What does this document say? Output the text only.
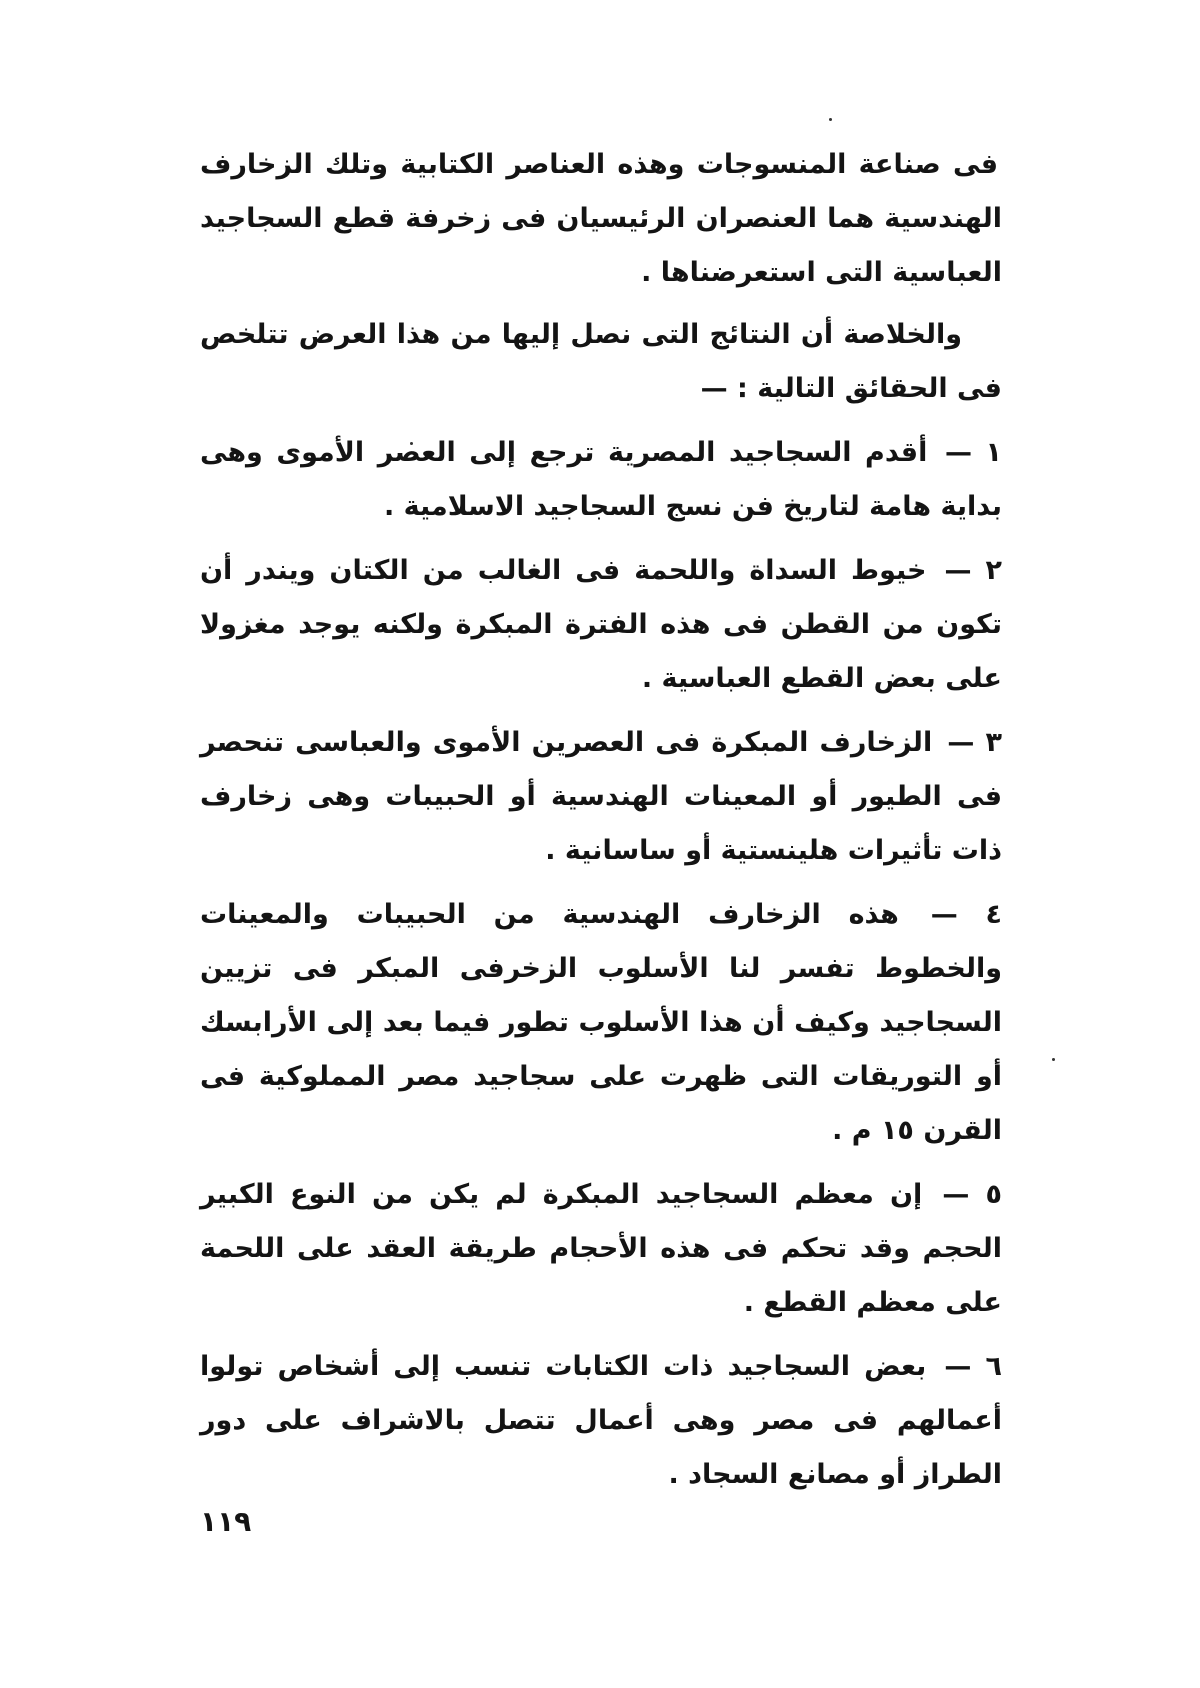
فى صناعة المنسوجات وهذه العناصر الكتابية وتلك الزخارف الهندسية هما العنصران الرئيسيان فى زخرفة قطع السجاجيد العباسية التى استعرضناها .

والخلاصة أن النتائج التى نصل إليها من هذا العرض تتلخص فى الحقائق التالية : —

١ — أقدم السجاجيد المصرية ترجع إلى العصر الأموى وهى بداية هامة لتاريخ فن نسج السجاجيد الاسلامية .

٢ — خيوط السداة واللحمة فى الغالب من الكتان ويندر أن تكون من القطن فى هذه الفترة المبكرة ولكنه يوجد مغزولا على بعض القطع العباسية .

٣ — الزخارف المبكرة فى العصرين الأموى والعباسى تنحصر فى الطيور أو المعينات الهندسية أو الحبيبات وهى زخارف ذات تأثيرات هلينستية أو ساسانية .

٤ — هذه الزخارف الهندسية من الحبيبات والمعينات والخطوط تفسر لنا الأسلوب الزخرفى المبكر فى تزيين السجاجيد وكيف أن هذا الأسلوب تطور فيما بعد إلى الأرابسك أو التوريقات التى ظهرت على سجاجيد مصر المملوكية فى القرن ١٥ م .

٥ — إن معظم السجاجيد المبكرة لم يكن من النوع الكبير الحجم وقد تحكم فى هذه الأحجام طريقة العقد على اللحمة على معظم القطع .

٦ — بعض السجاجيد ذات الكتابات تنسب إلى أشخاص تولوا أعمالهم فى مصر وهى أعمال تتصل بالاشراف على دور الطراز أو مصانع السجاد .

١١٩
